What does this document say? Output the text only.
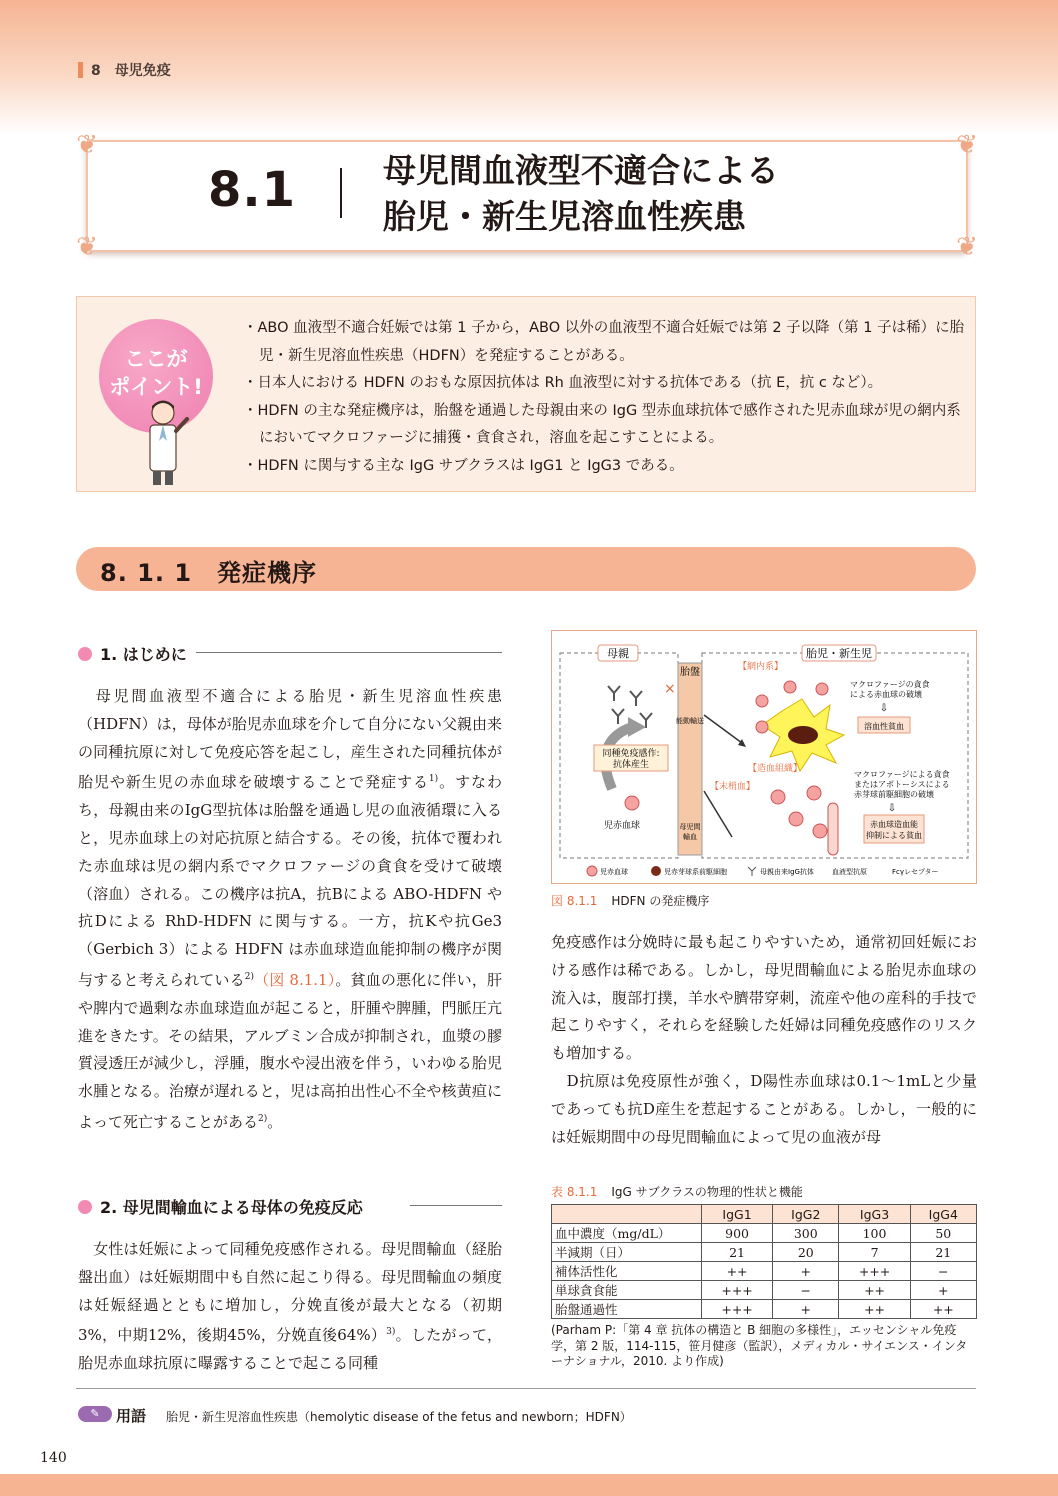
8　母児免疫
❦	❦
❦	❦
8.1	母児間血液型不適合による
胎児・新生児溶血性疾患
ここが
ポイント!
・ABO 血液型不適合妊娠では第 1 子から，ABO 以外の血液型不適合妊娠では第 2 子以降（第 1 子は稀）に胎児・新生児溶血性疾患（HDFN）を発症することがある。
・日本人における HDFN のおもな原因抗体は Rh 血液型に対する抗体である（抗 E，抗 c など）。
・HDFN の主な発症機序は，胎盤を通過した母親由来の IgG 型赤血球抗体で感作された児赤血球が児の網内系においてマクロファージに捕獲・貪食され，溶血を起こすことによる。
・HDFN に関与する主な IgG サブクラスは IgG1 と IgG3 である。
8. 1. 1　発症機序
1. はじめに
　母児間血液型不適合による胎児・新生児溶血性疾患（HDFN）は，母体が胎児赤血球を介して自分にない父親由来の同種抗原に対して免疫応答を起こし，産生された同種抗体が胎児や新生児の赤血球を破壊することで発症する$^{1)}$。すなわち，母親由来のIgG型抗体は胎盤を通過し児の血液循環に入ると，児赤血球上の対応抗原と結合する。その後，抗体で覆われた赤血球は児の網内系でマクロファージの貪食を受けて破壊（溶血）される。この機序は抗A，抗Bによる ABO-HDFN や抗Dによる RhD-HDFN に関与する。一方，抗Kや抗Ge3（Gerbich 3）による HDFN は赤血球造血能抑制の機序が関与すると考えられている$^{2)}$（図 8.1.1）。貧血の悪化に伴い，肝や脾内で過剰な赤血球造血が起こると，肝腫や脾腫，門脈圧亢進をきたす。その結果，アルブミン合成が抑制され，血漿の膠質浸透圧が減少し，浮腫，腹水や浸出液を伴う，いわゆる胎児水腫となる。治療が遅れると，児は高拍出性心不全や核黄疸によって死亡することがある$^{2)}$。
2. 母児間輸血による母体の免疫反応
　女性は妊娠によって同種免疫感作される。母児間輸血（経胎盤出血）は妊娠期間中も自然に起こり得る。母児間輸血の頻度は妊娠経過とともに増加し，分娩直後が最大となる（初期3%，中期12%，後期45%，分娩直後64%）$^{3)}$。したがって，胎児赤血球抗原に曝露することで起こる同種
母親	胎児・新生児
胎盤
能動輸送
母児間
輸血
×
同種免疫感作:
抗体産生
児赤血球
【網内系】
マクロファージの貪食
による赤血球の破壊
⇩
溶血性貧血
【造血組織】
【末梢血】
マクロファージによる貪食
またはアポトーシスによる
赤芽球前駆細胞の破壊
⇩
赤血球造血能
抑制による貧血
児赤血球	児赤芽球系前駆細胞	母親由来IgG抗体	血液型抗原	Fcγレセプター
図 8.1.1 HDFN の発症機序
免疫感作は分娩時に最も起こりやすいため，通常初回妊娠における感作は稀である。しかし，母児間輸血による胎児赤血球の流入は，腹部打撲，羊水や臍帯穿刺，流産や他の産科的手技で起こりやすく，それらを経験した妊婦は同種免疫感作のリスクも増加する。
　D抗原は免疫原性が強く，D陽性赤血球は0.1～1mLと少量であっても抗D産生を惹起することがある。しかし，一般的には妊娠期間中の母児間輸血によって児の血液が母
表 8.1.1 IgG サブクラスの物理的性状と機能
	IgG1	IgG2	IgG3	IgG4
血中濃度（mg/dL）	900	300	100	50
半減期（日）	21	20	7	21
補体活性化	++	+	+++	−
単球貪食能	+++	−	++	+
胎盤通過性	+++	+	++	++
(Parham P:「第 4 章 抗体の構造と B 細胞の多様性」，エッセンシャル免疫学，第 2 版，114-115，笹月健彦（監訳），メディカル・サイエンス・インターナショナル，2010. より作成)
✎	用語 胎児・新生児溶血性疾患（hemolytic disease of the fetus and newborn；HDFN）
140
